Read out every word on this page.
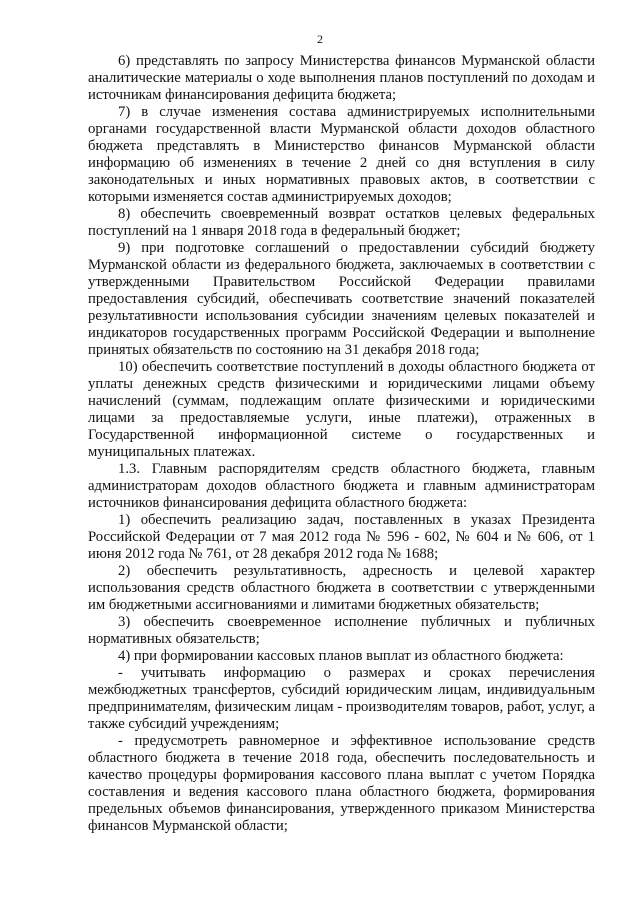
2

6) представлять по запросу Министерства финансов Мурманской области аналитические материалы о ходе выполнения планов поступлений по доходам и источникам финансирования дефицита бюджета;

7) в случае изменения состава администрируемых исполнительными органами государственной власти Мурманской области доходов областного бюджета представлять в Министерство финансов Мурманской области информацию об изменениях в течение 2 дней со дня вступления в силу законодательных и иных нормативных правовых актов, в соответствии с которыми изменяется состав администрируемых доходов;

8) обеспечить своевременный возврат остатков целевых федеральных поступлений на 1 января 2018 года в федеральный бюджет;

9) при подготовке соглашений о предоставлении субсидий бюджету Мурманской области из федерального бюджета, заключаемых в соответствии с утвержденными Правительством Российской Федерации правилами предоставления субсидий, обеспечивать соответствие значений показателей результативности использования субсидии значениям целевых показателей и индикаторов государственных программ Российской Федерации и выполнение принятых обязательств по состоянию на 31 декабря 2018 года;

10) обеспечить соответствие поступлений в доходы областного бюджета от уплаты денежных средств физическими и юридическими лицами объему начислений (суммам, подлежащим оплате физическими и юридическими лицами за предоставляемые услуги, иные платежи), отраженных в Государственной информационной системе о государственных и муниципальных платежах.

1.3. Главным распорядителям средств областного бюджета, главным администраторам доходов областного бюджета и главным администраторам источников финансирования дефицита областного бюджета:

1) обеспечить реализацию задач, поставленных в указах Президента Российской Федерации от 7 мая 2012 года № 596 - 602, № 604 и № 606, от 1 июня 2012 года № 761, от 28 декабря 2012 года № 1688;

2) обеспечить результативность, адресность и целевой характер использования средств областного бюджета в соответствии с утвержденными им бюджетными ассигнованиями и лимитами бюджетных обязательств;

3) обеспечить своевременное исполнение публичных и публичных нормативных обязательств;

4) при формировании кассовых планов выплат из областного бюджета:

- учитывать информацию о размерах и сроках перечисления межбюджетных трансфертов, субсидий юридическим лицам, индивидуальным предпринимателям, физическим лицам - производителям товаров, работ, услуг, а также субсидий учреждениям;

- предусмотреть равномерное и эффективное использование средств областного бюджета в течение 2018 года, обеспечить последовательность и качество процедуры формирования кассового плана выплат с учетом Порядка составления и ведения кассового плана областного бюджета, формирования предельных объемов финансирования, утвержденного приказом Министерства финансов Мурманской области;
